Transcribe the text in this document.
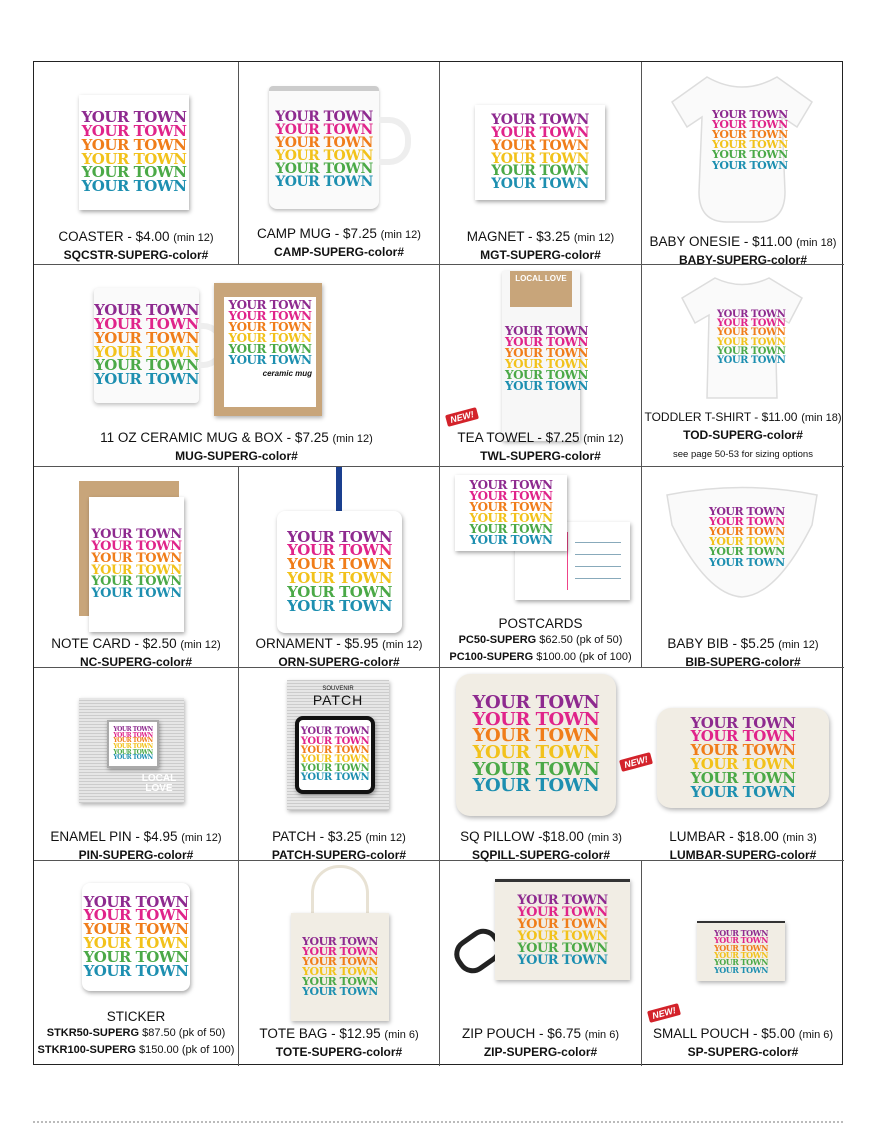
YOUR TOWN
YOUR TOWN
YOUR TOWN
YOUR TOWN
YOUR TOWN
YOUR TOWN
COASTER - $4.00 (min 12)
SQCSTR-SUPERG-color#
YOUR TOWN
YOUR TOWN
YOUR TOWN
YOUR TOWN
YOUR TOWN
YOUR TOWN
CAMP MUG - $7.25 (min 12)
CAMP-SUPERG-color#
YOUR TOWN
YOUR TOWN
YOUR TOWN
YOUR TOWN
YOUR TOWN
YOUR TOWN
MAGNET - $3.25 (min 12)
MGT-SUPERG-color#
YOUR TOWN
YOUR TOWN
YOUR TOWN
YOUR TOWN
YOUR TOWN
YOUR TOWN
BABY ONESIE - $11.00 (min 18)
BABY-SUPERG-color#
YOUR TOWN
YOUR TOWN
YOUR TOWN
YOUR TOWN
YOUR TOWN
YOUR TOWN
YOUR TOWN
YOUR TOWN
YOUR TOWN
YOUR TOWN
YOUR TOWN
YOUR TOWN
ceramic mug
11 OZ CERAMIC MUG & BOX - $7.25 (min 12)
MUG-SUPERG-color#
LOCAL LOVE
YOUR TOWN
YOUR TOWN
YOUR TOWN
YOUR TOWN
YOUR TOWN
YOUR TOWN
NEW!
TEA TOWEL - $7.25 (min 12)
TWL-SUPERG-color#
YOUR TOWN
YOUR TOWN
YOUR TOWN
YOUR TOWN
YOUR TOWN
YOUR TOWN
TODDLER T-SHIRT - $11.00 (min 18)
TOD-SUPERG-color#
see page 50-53 for sizing options
YOUR TOWN
YOUR TOWN
YOUR TOWN
YOUR TOWN
YOUR TOWN
YOUR TOWN
NOTE CARD - $2.50 (min 12)
NC-SUPERG-color#
YOUR TOWN
YOUR TOWN
YOUR TOWN
YOUR TOWN
YOUR TOWN
YOUR TOWN
ORNAMENT - $5.95 (min 12)
ORN-SUPERG-color#
YOUR TOWN
YOUR TOWN
YOUR TOWN
YOUR TOWN
YOUR TOWN
YOUR TOWN
POSTCARDS
PC50-SUPERG $62.50 (pk of 50)
PC100-SUPERG $100.00 (pk of 100)
YOUR TOWN
YOUR TOWN
YOUR TOWN
YOUR TOWN
YOUR TOWN
YOUR TOWN
BABY BIB - $5.25 (min 12)
BIB-SUPERG-color#
YOUR TOWN
YOUR TOWN
YOUR TOWN
YOUR TOWN
YOUR TOWN
YOUR TOWN
LOCAL LOVE
ENAMEL PIN - $4.95 (min 12)
PIN-SUPERG-color#
SOUVENIR
PATCH
YOUR TOWN
YOUR TOWN
YOUR TOWN
YOUR TOWN
YOUR TOWN
YOUR TOWN
PATCH - $3.25 (min 12)
PATCH-SUPERG-color#
YOUR TOWN
YOUR TOWN
YOUR TOWN
YOUR TOWN
YOUR TOWN
YOUR TOWN
NEW!
SQ PILLOW -$18.00 (min 3)
SQPILL-SUPERG-color#
YOUR TOWN
YOUR TOWN
YOUR TOWN
YOUR TOWN
YOUR TOWN
YOUR TOWN
LUMBAR - $18.00 (min 3)
LUMBAR-SUPERG-color#
YOUR TOWN
YOUR TOWN
YOUR TOWN
YOUR TOWN
YOUR TOWN
YOUR TOWN
STICKER
STKR50-SUPERG $87.50 (pk of 50)
STKR100-SUPERG $150.00 (pk of 100)
YOUR TOWN
YOUR TOWN
YOUR TOWN
YOUR TOWN
YOUR TOWN
YOUR TOWN
TOTE BAG - $12.95 (min 6)
TOTE-SUPERG-color#
YOUR TOWN
YOUR TOWN
YOUR TOWN
YOUR TOWN
YOUR TOWN
YOUR TOWN
ZIP POUCH - $6.75 (min 6)
ZIP-SUPERG-color#
YOUR TOWN
YOUR TOWN
YOUR TOWN
YOUR TOWN
YOUR TOWN
YOUR TOWN
NEW!
SMALL POUCH - $5.00 (min 6)
SP-SUPERG-color#
